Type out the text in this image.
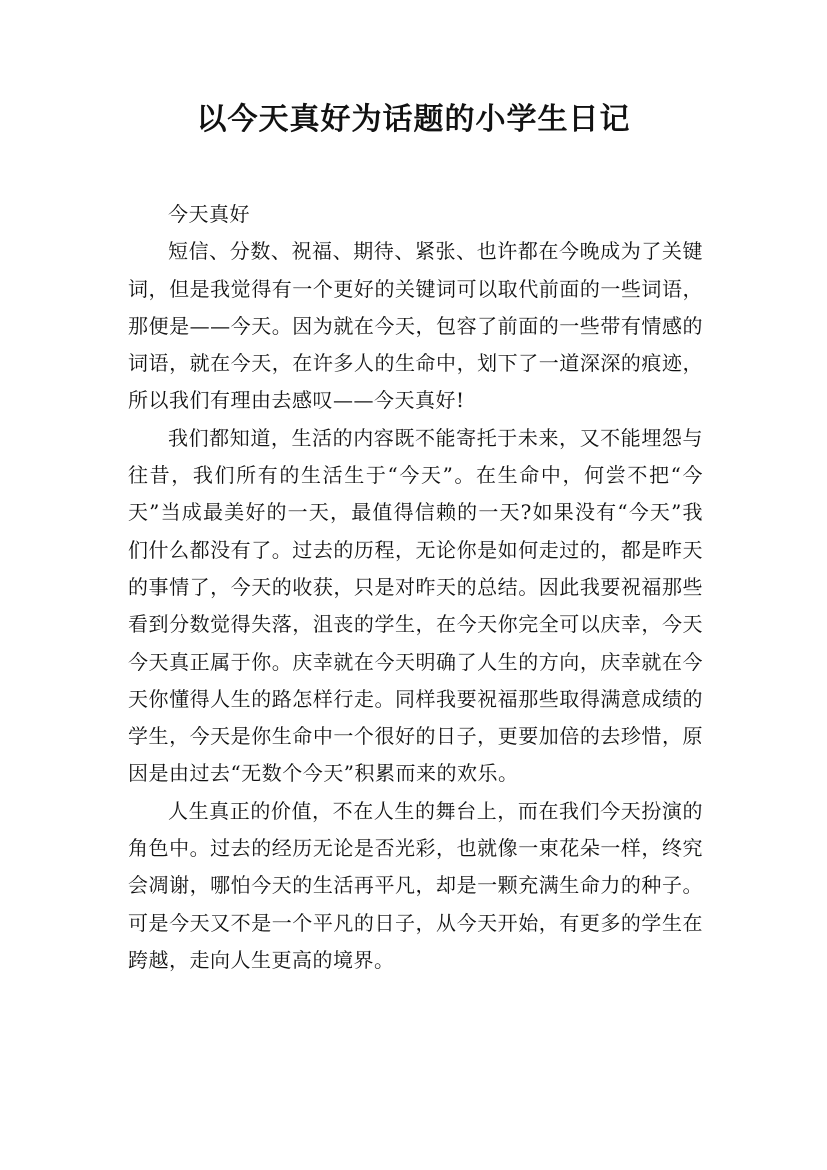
以今天真好为话题的小学生日记

今天真好

短信、分数、祝福、期待、紧张、也许都在今晚成为了关键词，但是我觉得有一个更好的关键词可以取代前面的一些词语，那便是——今天。因为就在今天，包容了前面的一些带有情感的词语，就在今天，在许多人的生命中，划下了一道深深的痕迹，所以我们有理由去感叹——今天真好!

我们都知道，生活的内容既不能寄托于未来，又不能埋怨与往昔，我们所有的生活生于“今天”。在生命中，何尝不把“今天”当成最美好的一天，最值得信赖的一天?如果没有“今天”我们什么都没有了。过去的历程，无论你是如何走过的，都是昨天的事情了，今天的收获，只是对昨天的总结。因此我要祝福那些看到分数觉得失落，沮丧的学生，在今天你完全可以庆幸，今天今天真正属于你。庆幸就在今天明确了人生的方向，庆幸就在今天你懂得人生的路怎样行走。同样我要祝福那些取得满意成绩的学生，今天是你生命中一个很好的日子，更要加倍的去珍惜，原因是由过去“无数个今天”积累而来的欢乐。

人生真正的价值，不在人生的舞台上，而在我们今天扮演的角色中。过去的经历无论是否光彩，也就像一束花朵一样，终究会凋谢，哪怕今天的生活再平凡，却是一颗充满生命力的种子。可是今天又不是一个平凡的日子，从今天开始，有更多的学生在跨越，走向人生更高的境界。
